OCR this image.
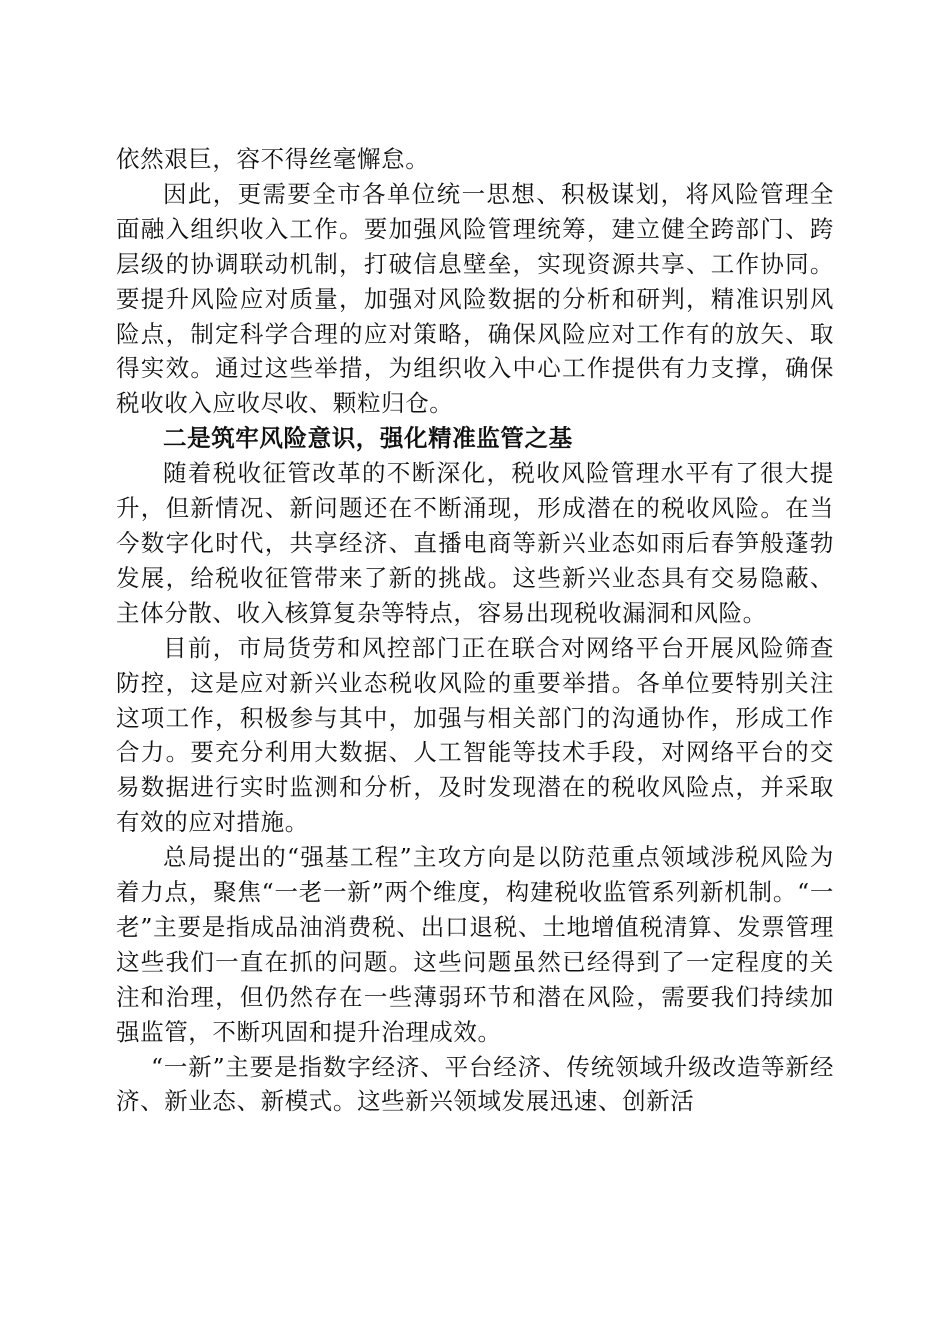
依然艰巨，容不得丝毫懈怠。

因此，更需要全市各单位统一思想、积极谋划，将风险管理全面融入组织收入工作。要加强风险管理统筹，建立健全跨部门、跨层级的协调联动机制，打破信息壁垒，实现资源共享、工作协同。要提升风险应对质量，加强对风险数据的分析和研判，精准识别风险点，制定科学合理的应对策略，确保风险应对工作有的放矢、取得实效。通过这些举措，为组织收入中心工作提供有力支撑，确保税收收入应收尽收、颗粒归仓。

二是筑牢风险意识，强化精准监管之基

随着税收征管改革的不断深化，税收风险管理水平有了很大提升，但新情况、新问题还在不断涌现，形成潜在的税收风险。在当今数字化时代，共享经济、直播电商等新兴业态如雨后春笋般蓬勃发展，给税收征管带来了新的挑战。这些新兴业态具有交易隐蔽、主体分散、收入核算复杂等特点，容易出现税收漏洞和风险。

目前，市局货劳和风控部门正在联合对网络平台开展风险筛查防控，这是应对新兴业态税收风险的重要举措。各单位要特别关注这项工作，积极参与其中，加强与相关部门的沟通协作，形成工作合力。要充分利用大数据、人工智能等技术手段，对网络平台的交易数据进行实时监测和分析，及时发现潜在的税收风险点，并采取有效的应对措施。

总局提出的“强基工程”主攻方向是以防范重点领域涉税风险为着力点，聚焦“一老一新”两个维度，构建税收监管系列新机制。“一老”主要是指成品油消费税、出口退税、土地增值税清算、发票管理这些我们一直在抓的问题。这些问题虽然已经得到了一定程度的关注和治理，但仍然存在一些薄弱环节和潜在风险，需要我们持续加强监管，不断巩固和提升治理成效。

“一新”主要是指数字经济、平台经济、传统领域升级改造等新经济、新业态、新模式。这些新兴领域发展迅速、创新活
